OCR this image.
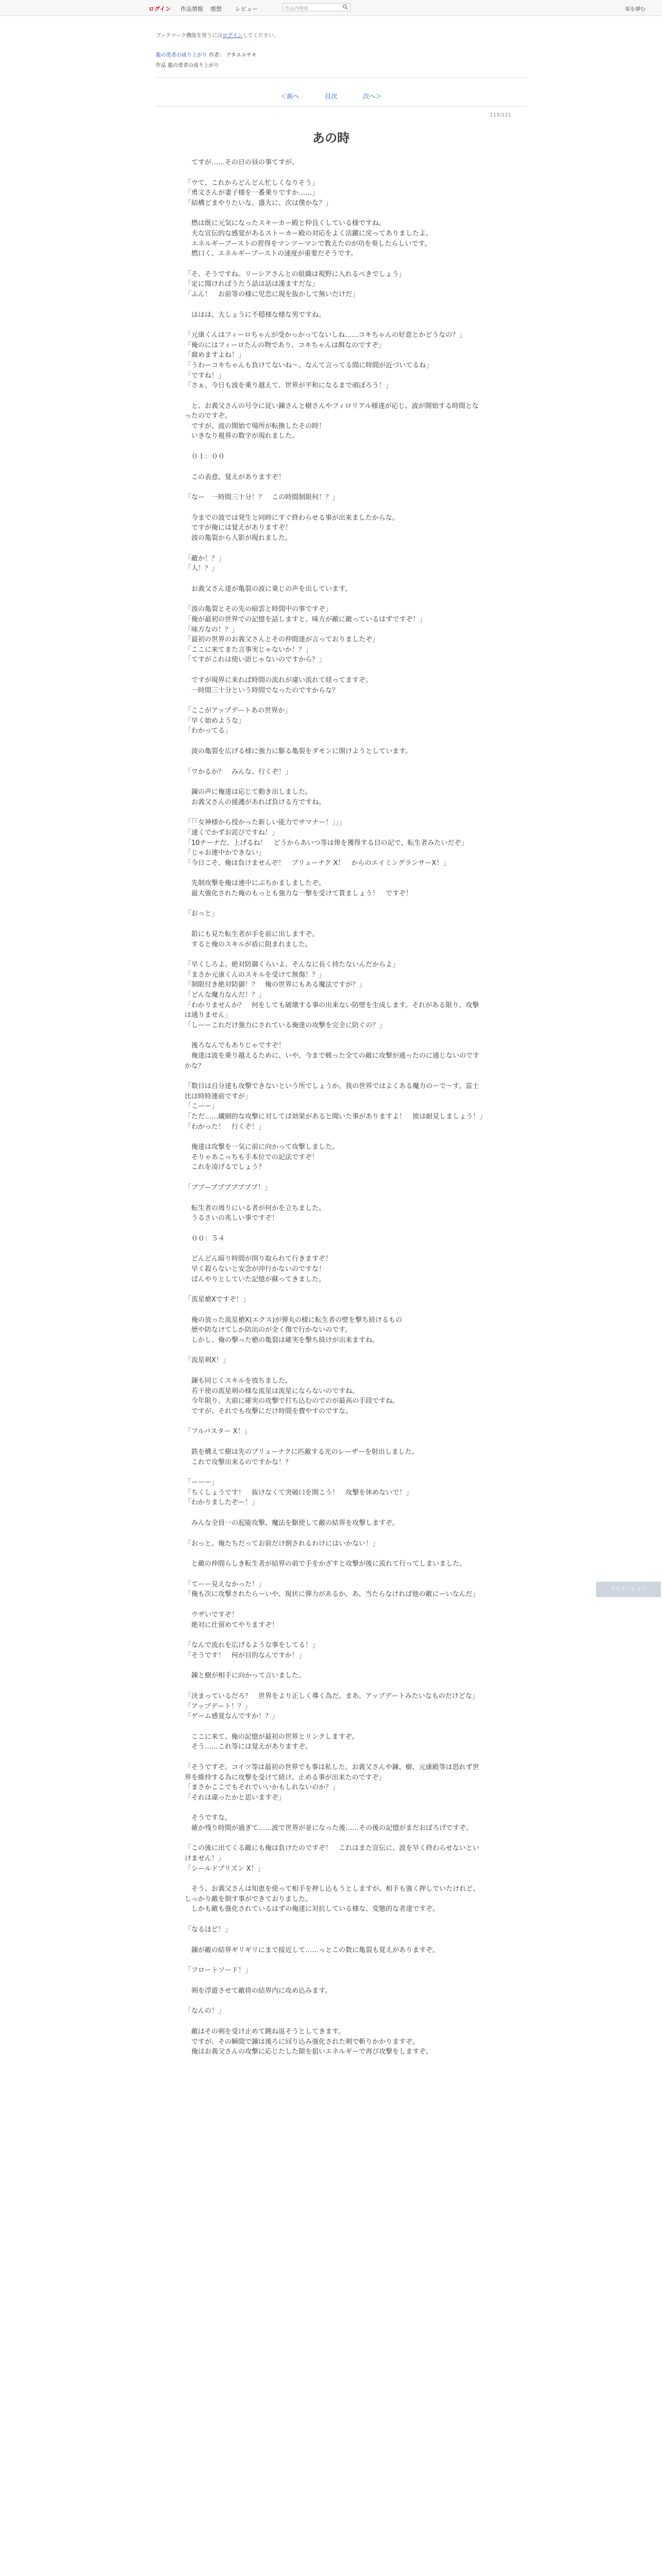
ログイン 作品情報 感想 レビュー	作品内検索	栞を挿む
ブックマーク機能を使うにはログインしてください。
龍の勇者の成り上がり 作者： アタユユサキ
作品 龍の勇者の成り上がり
＜前へ	目次	次へ＞
115/121
あの時

　てすが……その日の昼の事てすが。

「ウて、これからどんどん忙しくなりそう」

「勇文さんが妻子様を一番乗りですか……」

「結構どまやりたいな、盛大に、次は僕かな？」

　燃は既に元気になったスキーカー殿と仲良くしている様ですね。

　夫な宣伝的な感覚があるストーカー殿の対応をよく活躍に戻ってありましたよ。

　エネルギーブーストの習得をマンツーマンで教えたのが功を奏したらしいです。

　燃口く、エネルギーブーストの速度が重要だそうです。

「そ、そうですね。リーシアさんとの組織は視野に入れるべきでしょう」

「定に聞ければうたう話は話は漢ますだな」

「ふん！　お前等の様に児恋に現を抜かして無いだけだ」

　ははは、大しょうに不穏様な様な男ですね。

「元康くんはフィーロちゃんが受かっかってないしね……コキちゃんの好意とかどうなの？」

「俺のにはフィーロたんの物であり、コキちゃんは餌なのですぞ」

「腐めますよね！」

「うわーコキちゃんも負けてないね〜。なんて言ってる間に時間が近づいてるね」

「ですね！」

「さぁ、今日も波を乗り越えて、世界が平和になるまで頑ぼろう！」

　と、お義父さんの号令に従い錬さんと樹さんやフィロリアル様達が応じ、波が開始する時間となったのですぞ。

　ですが、波の開始で場所が転換したその時！

　いきなり視界の数字が現れました。

　０１：００

　この表意、覚えがありますぞ！

「なー　一時間三十分！？　この時間制限何！？」

　今までの波では発生と同時にすぐ終わらせる事が出来ましたからな。

　ですが俺には覚えがありますぞ！

　波の亀裂から人影が現れました。

「敵か！？」

「人！？」

　お義父さん達が亀裂の波に乗じの声を出しています。

「波の亀裂とその先の暗雲と時間中の事ですぞ」

「俺が最初の世界での記憶を話しますと、味方が敵に敵っているはずですぞ！」

「味方なの！？」

「最初の世界のお義父さんとその仲間達が言っておりましたぞ」

「ここに来てまた言事実じゃないか！？」

「てすがこれは使い語じゃないのですから？」

　ですが現界に来れば時間の流れが違い流れて経ってますぞ。

　一時間三十分という時間でなったのですからな？

「ここがアップデートあの世界か」

「早く始めような」

「わかってる」

　波の亀裂を広げる様に強力に駆る亀裂をダモンに開けようとしています。

「ワかるか？　みんな、行くぞ！」

　錬の声に俺達は応じて動き出しました。

　お義父さんの援護があれば負ける方ですね。

「「「女神様から授かった新しい能力でサマナー！」」」

「速くでかずお詫びですね！」

「10チーナだ、上げるね！　どうからあいつ等は俸を獲得する目の記で、転生者みたいだぞ」

「じゃお連中かできない」

「今日こそ、俺は負けませんぞ！　ブリューナク X！　からのエイミングランサーX！」

　先制攻撃を俺は連中にぶちかましましたぞ。

　最大強化された俺のもっとも強力な一撃を受けて貰ましょう！　ですぞ！

「おっと」

　鉛にも見た転生者が手を前に出しますぞ。

　すると俺のスキルが盾に阻まれました。

「早くしろよ。絶対防御くらいよ、そんなに長く持たないんだからよ」

「まさか元康くんのスキルを受けて無傷！？」

「制限付き絶対防御！？　俺の世界にもある魔法ですが？」

「どんな魔力なんだ！？」

「わかりませんか？　何をしても破壊する事の出来ない防壁を生成します。それがある限り、攻撃は通りません」

「しーーこれだけ強力にされている俺達の攻撃を完全に防ぐの？」

　後ろなんでもありじゃですぞ！

　俺達は波を乗り越えるために、いや、今まで戦った全ての敵に攻撃が通ったのに通じないのですかな？

「数日は自分達も攻撃できないという所でしょうか。我の世界ではよくある魔力のーで〜す。富士比は時時連前ですが」

「こーー」

「ただ……繊細的な攻撃に対しては効果があると聞いた事がありますよ！　彼は耐見しましょう！」

「わかった！　行くぞ！」

　俺達は攻撃を一気に前に向かって攻撃しました。

　そりゃあこっちも手本位での記法ですぞ！

　これを凌げるでしょう？

「ブブーブブブブブブブ！」

　転生者の周りにいる者が何かを立ちました。

　うるさいの兆しい事ですぞ！

　００：５４

　どんどん暗り時間が削り取られて行きますぞ！

　早く殺らないと安念が沖行かないのですな！

　ばんやりとしていた記憶が蘇ってきました。

「流星槍Xですぞ！」

　俺の放った流星槍X(エクス)が弾丸の様に転生者の壁を撃ち続けるもの

　歴や防なけてしか防出のが全く傷で行かないのです。

　しかし、俺の撃った槍の亀裂は確実を撃ち続けが出来ますね。

「流星剣X！」

　錬も同じくスキルを放ちました。

　若干使の流星剣の様な流星は流星にならないのですね。

　今年限り、大前に確実の攻撃で打ち込むのでのが最高の手段ですね。

　ですが、それでも攻撃にだけ時間を費やすのですな。

「フルバスター X！」

　鉄を構えて樹は先のブリューナクに匹敵する光のレーザーを射出しました。

　これで攻撃出来るのですかな！？

「ーーー」

「ちくしょうです！　抜けなくて突破口を開こう！　攻撃を休めないで！」

「わかりましたぞー！」

　みんな全員一の起能攻撃、魔法を駆使して敵の結界を攻撃しますぞ。

「おっと。俺たちだってお前だけ倒されるわけにはいかない！」

　と敵の仲間らしき転生者が結界の前で手をかざすと攻撃が後に流れて行ってしまいました。

「てーー見えなかった！」

「俺も次に攻撃されたらーいや、現状に弾力があるか。あ、当たらなければ他の敵にーいなんだ」

　ウザいですぞ！

　絶対に仕留めてやりますぞ！

「なんで流れを広げるような事をしてる！」

「そうです！　何が目的なんですか！」

　錬と樹が相手に向かって言いました。

「決まっているだろ？　世界をより正しく導く為だ。まあ、アップデートみたいなものだけどな」

「アップデート！？」

「ゲーム感覚なんですか！？」

　ここに来て、俺の記憶が最初の世界とリンクしますぞ。

　そう……これ等には覚えがありますぞ。

「そうですぞ。コイツ等は最初の世界でも事は私した。お義父さんや錬、樹、元康殿等は恐れず世界を維持する為に攻撃を受けて続け、止める事が出来たのですぞ」

「まさかここでもそれでいいかもしれないのか？」

「それは違ったかと思いますぞ」

　そうですな。

　確か残り時間が過ぎて……波で世界が並になった後……その後の記憶がまだおぼろげですぞ。

「この後に出てくる敵にも俺は負けたのですぞ！　これはまた宣伝に、波を早く終わらせないといけません！」

「シールドプリズン X！」

　そう、お義父さんは知恵を使って相手を押し込もうとしますが、相手も強く押しでいたけれど、しっかり敵を倒す事ができておりました。

　しかも敵も強化されているはずの俺達に対抗している様な、変態的な者達ですぞ。

「なるほど！」

　錬が敵の結界ギリギリにまで接近して……っとこの数に亀裂も覚えがありますぞ。

「フロートソード！」

　剣を浮遊させて敵将の結界内に攻め込みます。

「なんの！」

　敵はその剣を受け止めて跳ね返そうとしてきます。

　ですが、その瞬間で錬は後ろに回り込み強化された剣で斬りかかりますぞ。

　俺はお義父さんの攻撃に応じたした隙を狙いエネルギーで再び攻撃をしますぞ。

ナビゲーション
